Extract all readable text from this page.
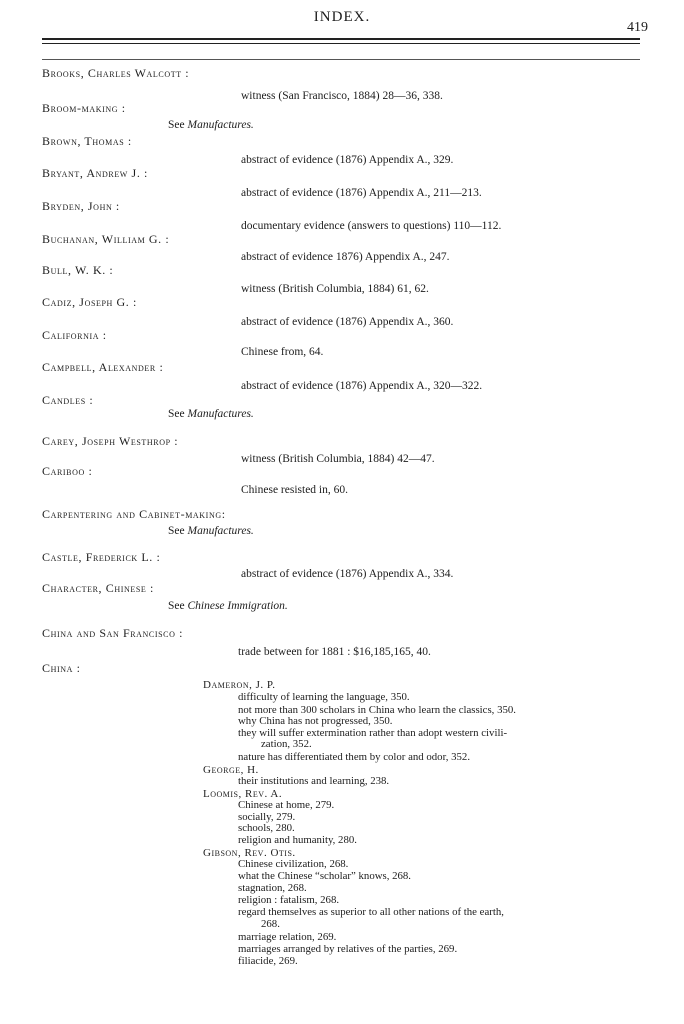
INDEX.
419
Brooks, Charles Walcott :
witness (San Francisco, 1884) 28—36, 338.
Broom-making :
See Manufactures.
Brown, Thomas :
abstract of evidence (1876) Appendix A., 329.
Bryant, Andrew J. :
abstract of evidence (1876) Appendix A., 211—213.
Bryden, John :
documentary evidence (answers to questions) 110—112.
Buchanan, William G. :
abstract of evidence 1876) Appendix A., 247.
Bull, W. K. :
witness (British Columbia, 1884) 61, 62.
Cadiz, Joseph G. :
abstract of evidence (1876) Appendix A., 360.
California :
Chinese from, 64.
Campbell, Alexander :
abstract of evidence (1876) Appendix A., 320—322.
Candles :
See Manufactures.
Carey, Joseph Westhrop :
witness (British Columbia, 1884) 42—47.
Cariboo :
Chinese resisted in, 60.
Carpentering and Cabinet-making:
See Manufactures.
Castle, Frederick L. :
abstract of evidence (1876) Appendix A., 334.
Character, Chinese :
See Chinese Immigration.
China and San Francisco :
trade between for 1881 : $16,185,165, 40.
China :
Dameron, J. P.
difficulty of learning the language, 350.
not more than 300 scholars in China who learn the classics, 350.
why China has not progressed, 350.
they will suffer extermination rather than adopt western civili-
zation, 352.
nature has differentiated them by color and odor, 352.
George, H.
their institutions and learning, 238.
Loomis, Rev. A.
Chinese at home, 279.
socially, 279.
schools, 280.
religion and humanity, 280.
Gibson, Rev. Otis.
Chinese civilization, 268.
what the Chinese “scholar” knows, 268.
stagnation, 268.
religion : fatalism, 268.
regard themselves as superior to all other nations of the earth,
268.
marriage relation, 269.
marriages arranged by relatives of the parties, 269.
filiacide, 269.
